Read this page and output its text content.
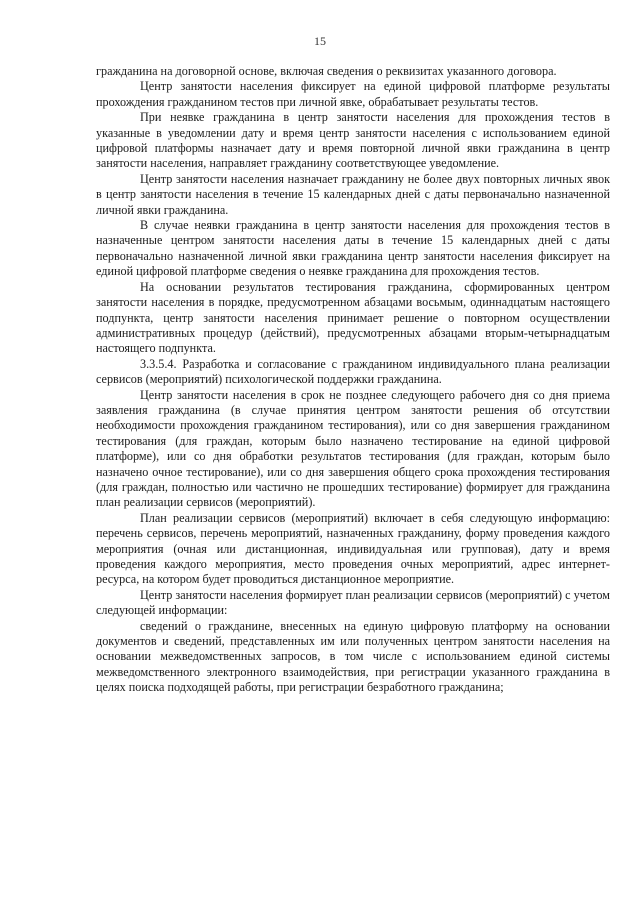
15

гражданина на договорной основе, включая сведения о реквизитах указанного договора.

Центр занятости населения фиксирует на единой цифровой платформе результаты прохождения гражданином тестов при личной явке, обрабатывает результаты тестов.

При неявке гражданина в центр занятости населения для прохождения тестов в указанные в уведомлении дату и время центр занятости населения с использованием единой цифровой платформы назначает дату и время повторной личной явки гражданина в центр занятости населения, направляет гражданину соответствующее уведомление.

Центр занятости населения назначает гражданину не более двух повторных личных явок в центр занятости населения в течение 15 календарных дней с даты первоначально назначенной личной явки гражданина.

В случае неявки гражданина в центр занятости населения для прохождения тестов в назначенные центром занятости населения даты в течение 15 календарных дней с даты первоначально назначенной личной явки гражданина центр занятости населения фиксирует на единой цифровой платформе сведения о неявке гражданина для прохождения тестов.

На основании результатов тестирования гражданина, сформированных центром занятости населения в порядке, предусмотренном абзацами восьмым, одиннадцатым настоящего подпункта, центр занятости населения принимает решение о повторном осуществлении административных процедур (действий), предусмотренных абзацами вторым-четырнадцатым настоящего подпункта.

3.3.5.4. Разработка и согласование с гражданином индивидуального плана реализации сервисов (мероприятий) психологической поддержки гражданина.

Центр занятости населения в срок не позднее следующего рабочего дня со дня приема заявления гражданина (в случае принятия центром занятости решения об отсутствии необходимости прохождения гражданином тестирования), или со дня завершения гражданином тестирования (для граждан, которым было назначено тестирование на единой цифровой платформе), или со дня обработки результатов тестирования (для граждан, которым было назначено очное тестирование), или со дня завершения общего срока прохождения тестирования (для граждан, полностью или частично не прошедших тестирование) формирует для гражданина план реализации сервисов (мероприятий).

План реализации сервисов (мероприятий) включает в себя следующую информацию: перечень сервисов, перечень мероприятий, назначенных гражданину, форму проведения каждого мероприятия (очная или дистанционная, индивидуальная или групповая), дату и время проведения каждого мероприятия, место проведения очных мероприятий, адрес интернет-ресурса, на котором будет проводиться дистанционное мероприятие.

Центр занятости населения формирует план реализации сервисов (мероприятий) с учетом следующей информации:

сведений о гражданине, внесенных на единую цифровую платформу на основании документов и сведений, представленных им или полученных центром занятости населения на основании межведомственных запросов, в том числе с использованием единой системы межведомственного электронного взаимодействия, при регистрации указанного гражданина в целях поиска подходящей работы, при регистрации безработного гражданина;
